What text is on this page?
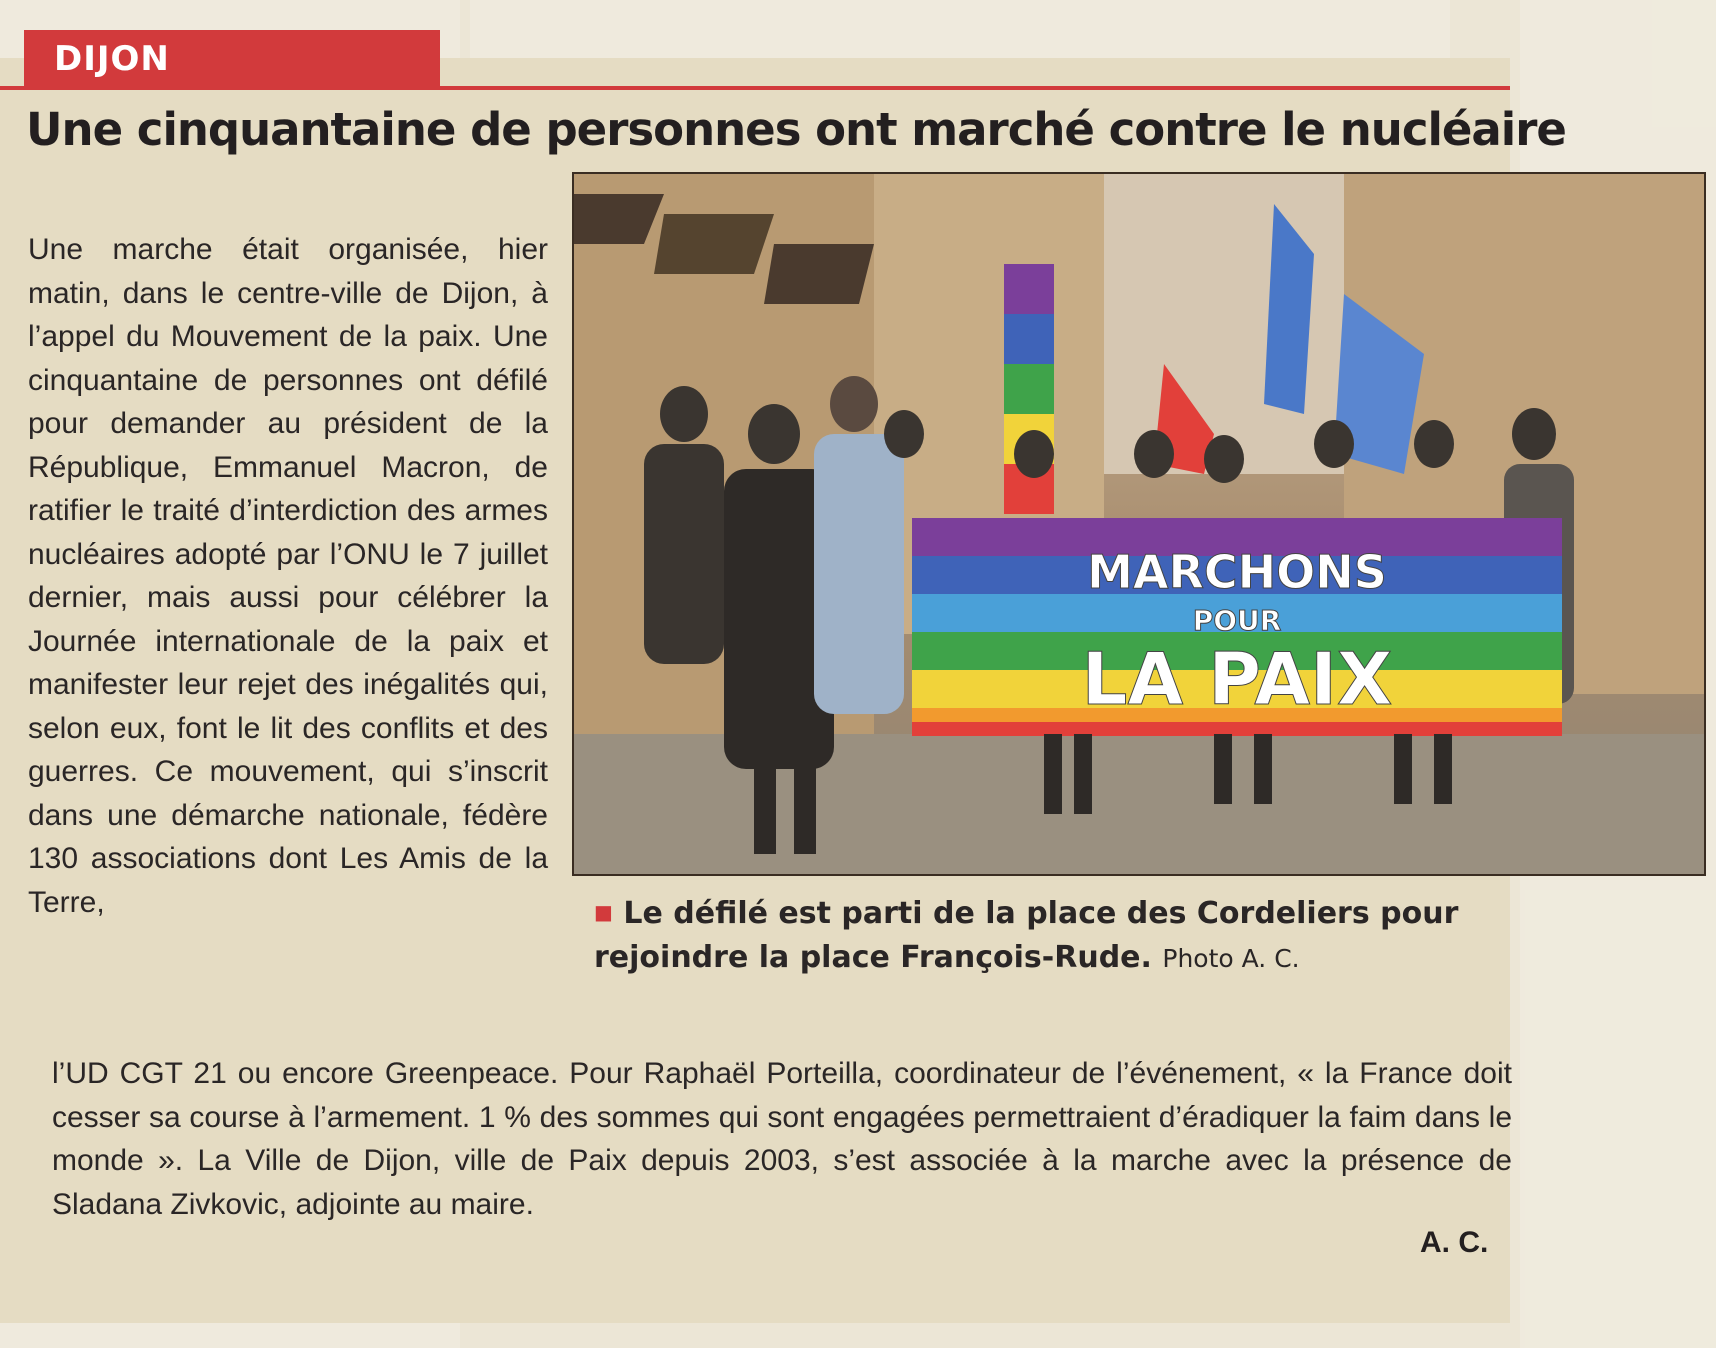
DIJON
Une cinquantaine de personnes ont marché contre le nucléaire

Une marche était organisée, hier matin, dans le centre-ville de Dijon, à l’appel du Mouvement de la paix. Une cinquantaine de personnes ont défilé pour demander au président de la République, Emmanuel Macron, de ratifier le traité d’interdiction des armes nucléaires adopté par l’ONU le 7 juillet dernier, mais aussi pour célébrer la Journée internationale de la paix et manifester leur rejet des inégalités qui, selon eux, font le lit des conflits et des guerres. Ce mouvement, qui s’inscrit dans une démarche nationale, fédère 130 associations dont Les Amis de la Terre,

MARCHONS
POUR
LA PAIX

■ Le défilé est parti de la place des Cordeliers pour rejoindre la place François-Rude. Photo A. C.

l’UD CGT 21 ou encore Greenpeace. Pour Raphaël Porteilla, coordinateur de l’événement, « la France doit cesser sa course à l’armement. 1 % des sommes qui sont engagées permettraient d’éradiquer la faim dans le monde ». La Ville de Dijon, ville de Paix depuis 2003, s’est associée à la marche avec la présence de Sladana Zivkovic, adjointe au maire.

A. C.
